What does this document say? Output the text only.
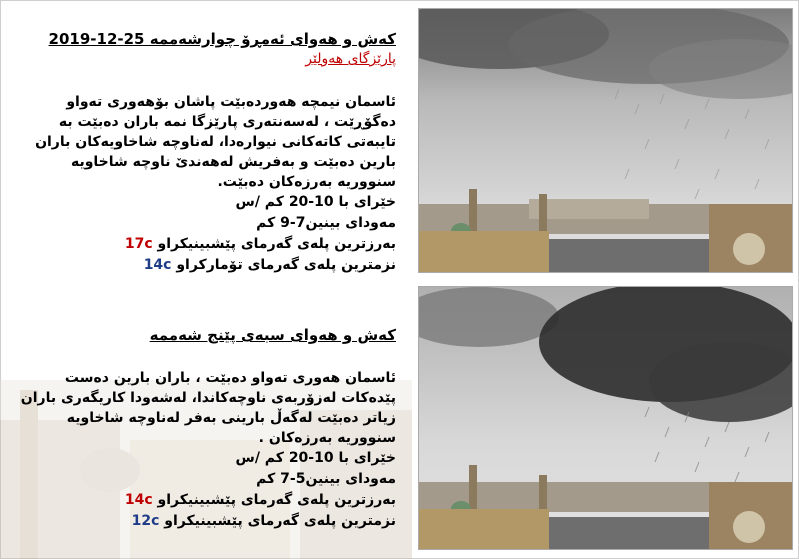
کەش و هەوای ئەمڕۆ چوارشەممە 25-12-2019
پارێزگای هەولێر
ئاسمان نیمچە هەوردەبێت پاشان بۆهەوری تەواو دەگۆڕێت ، لەسەنتەری پارێزگا نمە باران دەبێت بە تایبەتی کاتەکانی نیوارەدا، لەناوچە شاخاویەکان باران بارین دەبێت و بەفریش لەهەندێ ناوچە شاخاویە سنووریە بەرزەکان دەبێت.
خێرای با 10-20 کم /س
مەودای بینین7-9 کم
بەرزترین پلەی گەرمای پێشبینیکراو 17c
نزمترین پلەی گەرمای تۆمارکراو 14c
کەش و هەوای سبەی پێنج شەممە
ئاسمان هەوری تەواو دەبێت ، باران بارین دەست پێدەکات لەزۆربەی ناوچەکاندا، لەشەودا کاریگەری باران زیاتر دەبێت لەگەڵ بارینی بەفر لەناوچە شاخاویە سنووریە بەرزەکان .
خێرای با 10-20 کم /س
مەودای بینین5-7 کم
بەرزترین پلەی گەرمای پێشبینیکراو 14c
نزمترین پلەی گەرمای پێشبینیکراو 12c
